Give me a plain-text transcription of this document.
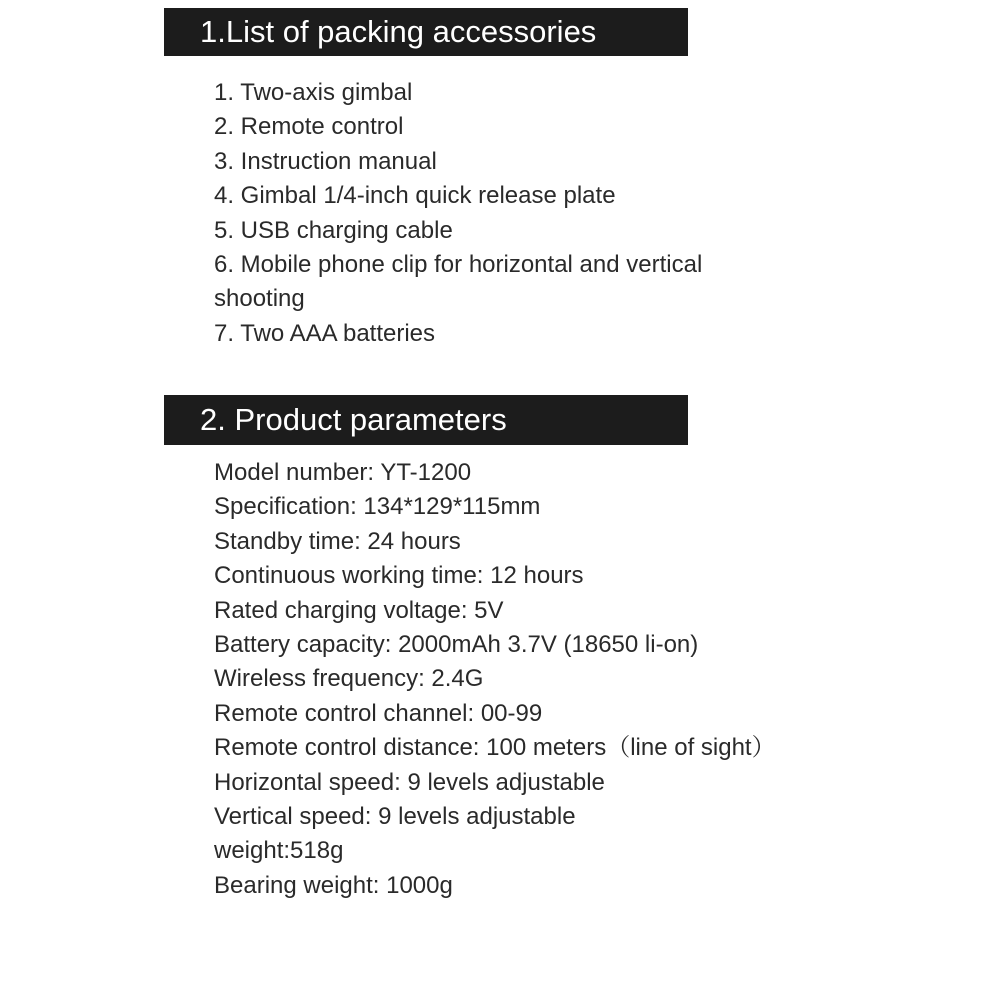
1.List of packing accessories
1. Two-axis gimbal
2. Remote control
3. Instruction manual
4. Gimbal 1/4-inch quick release plate
5. USB charging cable
6. Mobile phone clip for horizontal and vertical shooting
7. Two AAA batteries
2. Product parameters
Model number: YT-1200
Specification: 134*129*115mm
Standby time: 24 hours
Continuous working time: 12 hours
Rated charging voltage: 5V
Battery capacity: 2000mAh 3.7V (18650 li-on)
Wireless frequency: 2.4G
Remote control channel: 00-99
Remote control distance: 100 meters（line of sight）
Horizontal speed: 9 levels adjustable
Vertical speed: 9 levels adjustable
weight:518g
Bearing weight: 1000g
